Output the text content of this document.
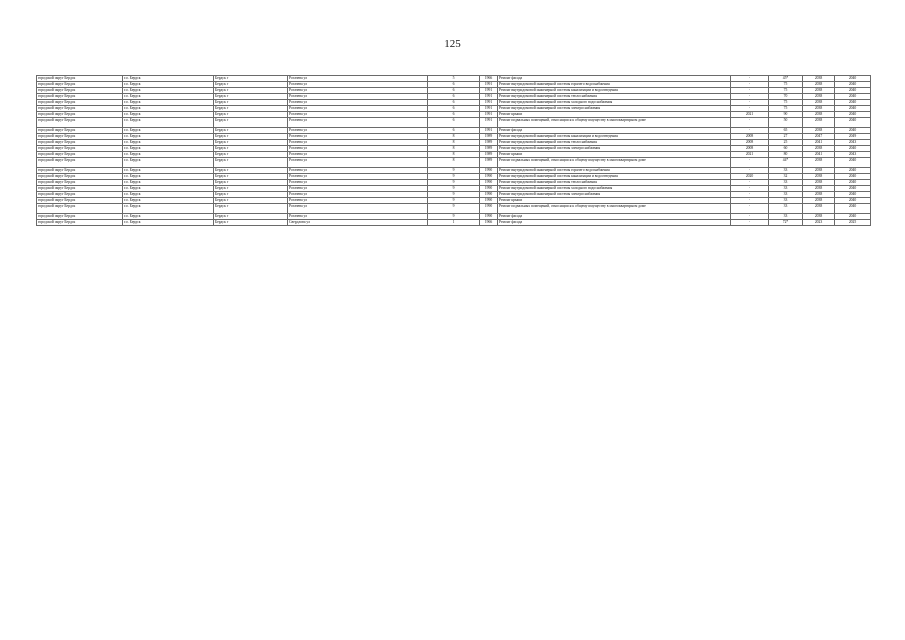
125
городской округ Бердск	г.о. Бердск	Бердск г	Рогачева ул	5	1966	Ремонт фасада	-	45*	2038	2040
городской округ Бердск	г.о. Бердск	Бердск г	Рогачева ул	6	1991	Ремонт внутридомовой инженерной системы горячего водоснабжения	-	75	2038	2040
городской округ Бердск	г.о. Бердск	Бердск г	Рогачева ул	6	1991	Ремонт внутридомовой инженерной системы канализации и водоотведения	-	75	2038	2040
городской округ Бердск	г.о. Бердск	Бердск г	Рогачева ул	6	1991	Ремонт внутридомовой инженерной системы теплоснабжения	-	70	2038	2040
городской округ Бердск	г.о. Бердск	Бердск г	Рогачева ул	6	1991	Ремонт внутридомовой инженерной системы холодного водоснабжения	-	75	2038	2040
городской округ Бердск	г.о. Бердск	Бердск г	Рогачева ул	6	1991	Ремонт внутридомовой инженерной системы электроснабжения	-	75	2038	2040
городской округ Бердск	г.о. Бердск	Бердск г	Рогачева ул	6	1991	Ремонт крыши	2021	90	2038	2040
городской округ Бердск	г.о. Бердск	Бердск г	Рогачева ул	6	1991	Ремонт подвальных помещений, относящихся к общему имуществу в многоквартирном доме	-	50	2038	2040
городской округ Бердск	г.о. Бердск	Бердск г	Рогачева ул	6	1991	Ремонт фасада	-	65	2038	2040
городской округ Бердск	г.о. Бердск	Бердск г	Рогачева ул	8	1989	Ремонт внутридомовой инженерной системы канализации и водоотведения	2008	27	2047	2049
городской округ Бердск	г.о. Бердск	Бердск г	Рогачева ул	8	1989	Ремонт внутридомовой инженерной системы теплоснабжения	2008	25	2041	2043
городской округ Бердск	г.о. Бердск	Бердск г	Рогачева ул	8	1989	Ремонт внутридомовой инженерной системы электроснабжения	2008	60	2038	2040
городской округ Бердск	г.о. Бердск	Бердск г	Рогачева ул	8	1989	Ремонт крыши	2021	80	2041	2043
городской округ Бердск	г.о. Бердск	Бердск г	Рогачева ул	8	1989	Ремонт подвальных помещений, относящихся к общему имуществу в многоквартирном доме	-	44*	2038	2040
городской округ Бердск	г.о. Бердск	Бердск г	Рогачева ул	9	1990	Ремонт внутридомовой инженерной системы горячего водоснабжения	-	33	2038	2040
городской округ Бердск	г.о. Бердск	Бердск г	Рогачева ул	9	1990	Ремонт внутридомовой инженерной системы канализации и водоотведения	2020	32	2038	2040
городской округ Бердск	г.о. Бердск	Бердск г	Рогачева ул	9	1990	Ремонт внутридомовой инженерной системы теплоснабжения	-	33	2038	2040
городской округ Бердск	г.о. Бердск	Бердск г	Рогачева ул	9	1990	Ремонт внутридомовой инженерной системы холодного водоснабжения	-	33	2038	2040
городской округ Бердск	г.о. Бердск	Бердск г	Рогачева ул	9	1990	Ремонт внутридомовой инженерной системы электроснабжения	-	33	2038	2040
городской округ Бердск	г.о. Бердск	Бердск г	Рогачева ул	9	1990	Ремонт крыши	-	33	2038	2040
городской округ Бердск	г.о. Бердск	Бердск г	Рогачева ул	9	1990	Ремонт подвальных помещений, относящихся к общему имуществу в многоквартирном доме	-	33	2038	2040
городской округ Бердск	г.о. Бердск	Бердск г	Рогачева ул	9	1990	Ремонт фасада	-	33	2038	2040
городской округ Бердск	г.о. Бердск	Бердск г	Свердлова ул	1	1966	Ремонт фасада	-	72*	2023	2025
